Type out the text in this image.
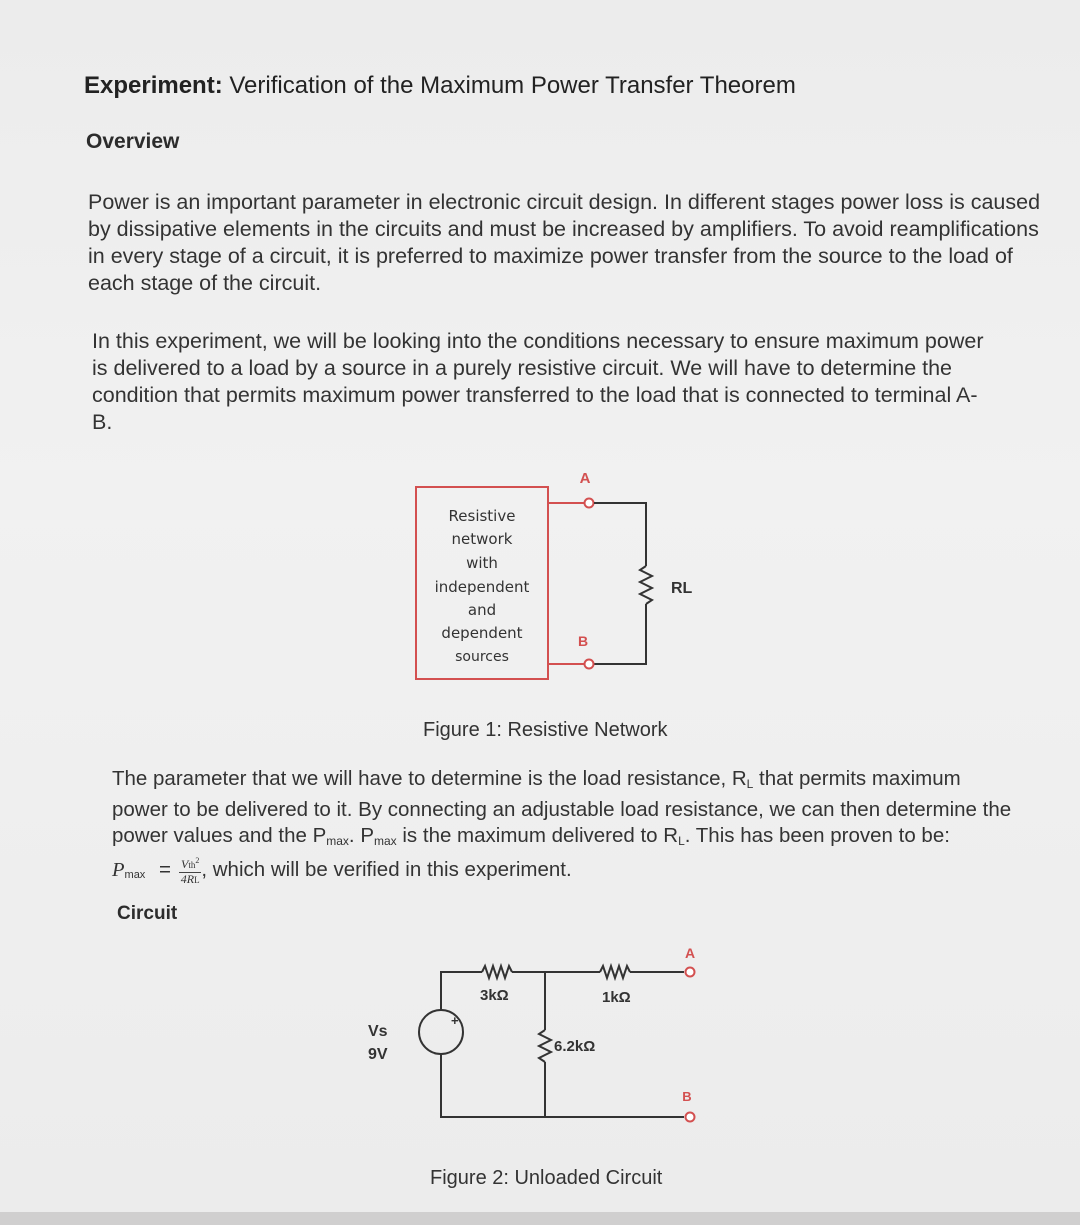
Experiment: Verification of the Maximum Power Transfer Theorem
Overview
Power is an important parameter in electronic circuit design. In different stages power loss is caused by dissipative elements in the circuits and must be increased by amplifiers. To avoid reamplifications in every stage of a circuit, it is preferred to maximize power transfer from the source to the load of each stage of the circuit.
In this experiment, we will be looking into the conditions necessary to ensure maximum power is delivered to a load by a source in a purely resistive circuit. We will have to determine the condition that permits maximum power transferred to the load that is connected to terminal A-B.
Resistive
network
with
independent
and
dependent
sources
A
RL
B
+
−
Vs
9V
3kΩ	1kΩ
A
6.2kΩ
B
Figure 1: Resistive Network
The parameter that we will have to determine is the load resistance, $R_L$ that permits maximum power to be delivered to it. By connecting an adjustable load resistance, we can then determine the power values and the $P_{max}$. $P_{max}$ is the maximum delivered to $R_L$. This has been proven to be: Pmax = Vth$^2$
4RL , which will be verified in this experiment.
Circuit
Figure 2: Unloaded Circuit
